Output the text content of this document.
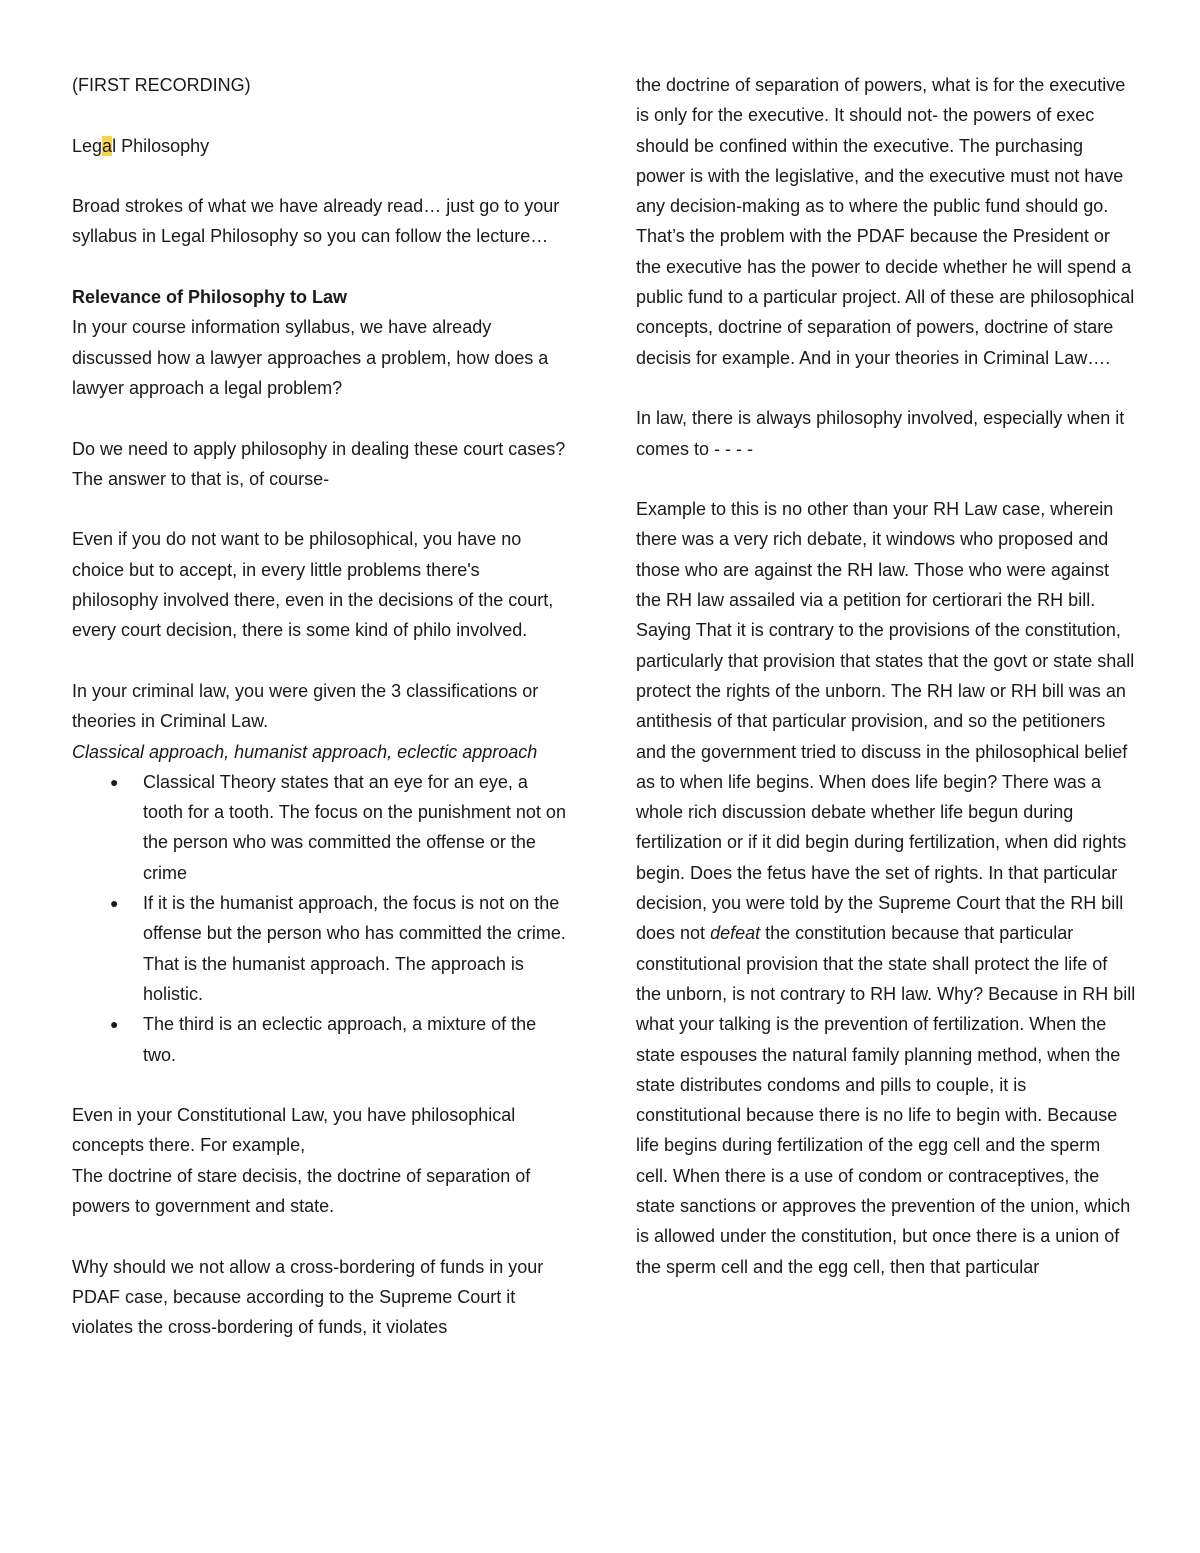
(FIRST RECORDING)

Legal Philosophy

Broad strokes of what we have already read… just go to your syllabus in Legal Philosophy so you can follow the lecture…

Relevance of Philosophy to Law

In your course information syllabus, we have already discussed how a lawyer approaches a problem, how does a lawyer approach a legal problem?

Do we need to apply philosophy in dealing these court cases?

The answer to that is, of course-

Even if you do not want to be philosophical, you have no choice but to accept, in every little problems there's philosophy involved there, even in the decisions of the court, every court decision, there is some kind of philo involved.

In your criminal law, you were given the 3 classifications or theories in Criminal Law.

Classical approach, humanist approach, eclectic approach

● Classical Theory states that an eye for an eye, a tooth for a tooth. The focus on the punishment not on the person who was committed the offense or the crime
● If it is the humanist approach, the focus is not on the offense but the person who has committed the crime. That is the humanist approach. The approach is holistic.
● The third is an eclectic approach, a mixture of the two.

Even in your Constitutional Law, you have philosophical concepts there. For example,

The doctrine of stare decisis, the doctrine of separation of powers to government and state.

Why should we not allow a cross-bordering of funds in your PDAF case, because according to the Supreme Court it violates the cross-bordering of funds, it violates

the doctrine of separation of powers, what is for the executive is only for the executive. It should not- the powers of exec should be confined within the executive. The purchasing power is with the legislative, and the executive must not have any decision-making as to where the public fund should go. That’s the problem with the PDAF because the President or the executive has the power to decide whether he will spend a public fund to a particular project. All of these are philosophical concepts, doctrine of separation of powers, doctrine of stare decisis for example. And in your theories in Criminal Law….

In law, there is always philosophy involved, especially when it comes to - - - -

Example to this is no other than your RH Law case, wherein there was a very rich debate, it windows who proposed and those who are against the RH law. Those who were against the RH law assailed via a petition for certiorari the RH bill. Saying That it is contrary to the provisions of the constitution, particularly that provision that states that the govt or state shall protect the rights of the unborn. The RH law or RH bill was an antithesis of that particular provision, and so the petitioners and the government tried to discuss in the philosophical belief as to when life begins. When does life begin? There was a whole rich discussion debate whether life begun during fertilization or if it did begin during fertilization, when did rights begin. Does the fetus have the set of rights. In that particular decision, you were told by the Supreme Court that the RH bill does not defeat the constitution because that particular constitutional provision that the state shall protect the life of the unborn, is not contrary to RH law. Why? Because in RH bill what your talking is the prevention of fertilization. When the state espouses the natural family planning method, when the state distributes condoms and pills to couple, it is constitutional because there is no life to begin with. Because life begins during fertilization of the egg cell and the sperm cell. When there is a use of condom or contraceptives, the state sanctions or approves the prevention of the union, which is allowed under the constitution, but once there is a union of the sperm cell and the egg cell, then that particular
